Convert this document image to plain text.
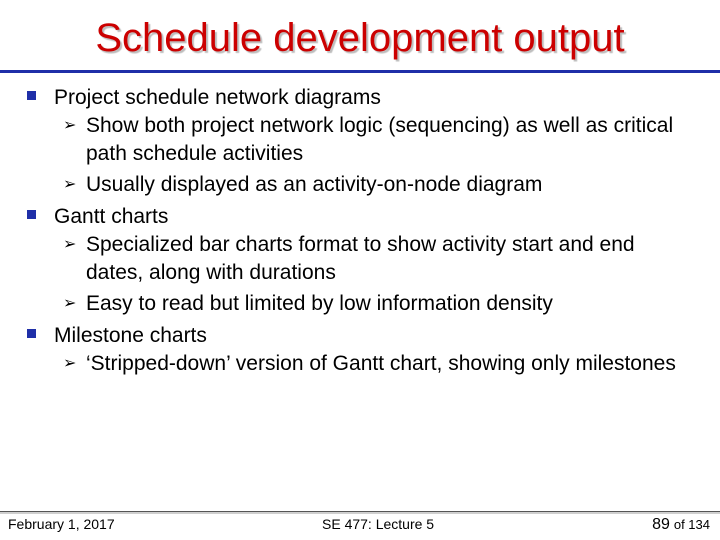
Schedule development output

Project schedule network diagrams

➢ Show both project network logic (sequencing) as well as critical path schedule activities

➢ Usually displayed as an activity-on-node diagram

Gantt charts

➢ Specialized bar charts format to show activity start and end dates, along with durations

➢ Easy to read but limited by low information density

Milestone charts

➢ ‘Stripped-down’ version of Gantt chart, showing only milestones

February 1, 2017	SE 477: Lecture 5	89 of 134
